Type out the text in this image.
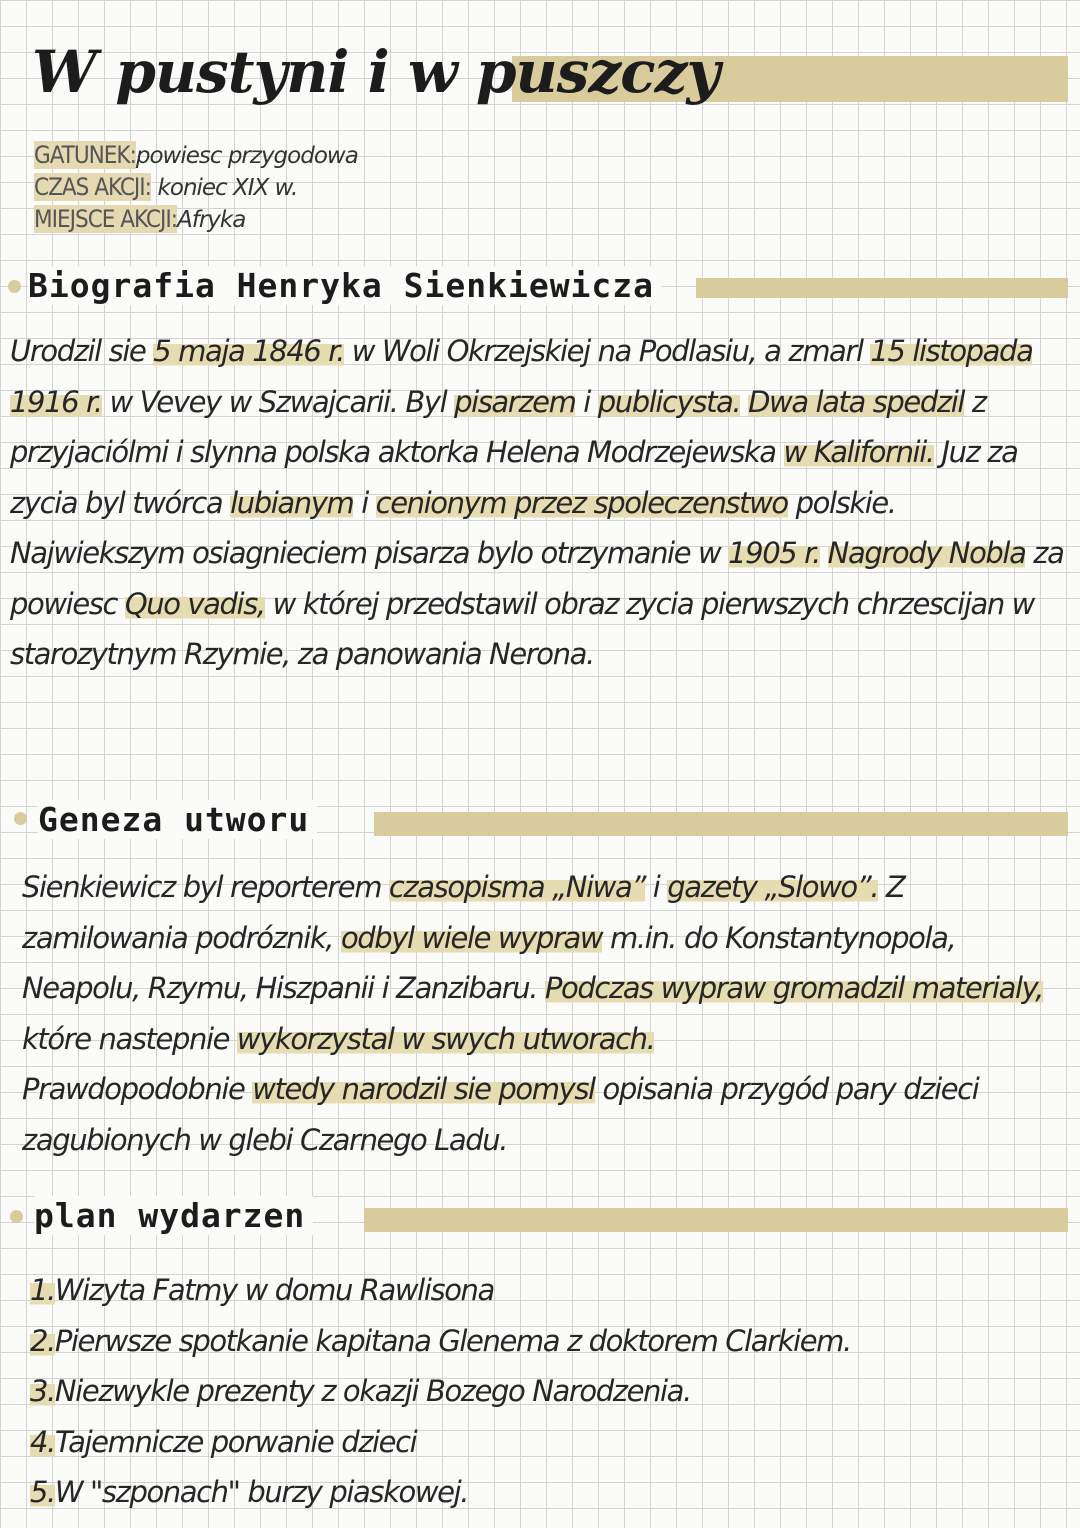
W pustyni i w puszczy
GATUNEK:powiesc przygodowa
CZAS AKCJI: koniec XIX w.
MIEJSCE AKCJI:Afryka
Biografia Henryka Sienkiewicza

Urodzil sie 5 maja 1846 r. w Woli Okrzejskiej na Podlasiu, a zmarl 15 listopada 1916 r. w Vevey w Szwajcarii. Byl pisarzem i publicysta. Dwa lata spedzil z przyjaciólmi i slynna polska aktorka Helena Modrzejewska w Kalifornii. Juz za zycia byl twórca lubianym i cenionym przez spoleczenstwo polskie.
Najwiekszym osiagnieciem pisarza bylo otrzymanie w 1905 r. Nagrody Nobla za powiesc Quo vadis, w której przedstawil obraz zycia pierwszych chrzescijan w starozytnym Rzymie, za panowania Nerona.

Geneza utworu

Sienkiewicz byl reporterem czasopisma „Niwa” i gazety „Slowo”. Z zamilowania podróznik, odbyl wiele wypraw m.in. do Konstantynopola, Neapolu, Rzymu, Hiszpanii i Zanzibaru. Podczas wypraw gromadzil materialy, które nastepnie wykorzystal w swych utworach.
Prawdopodobnie wtedy narodzil sie pomysl opisania przygód pary dzieci zagubionych w glebi Czarnego Ladu.

plan wydarzen
1.Wizyta Fatmy w domu Rawlisona
2.Pierwsze spotkanie kapitana Glenema z doktorem Clarkiem.
3.Niezwykle prezenty z okazji Bozego Narodzenia.
4.Tajemnicze porwanie dzieci
5.W "szponach" burzy piaskowej.
